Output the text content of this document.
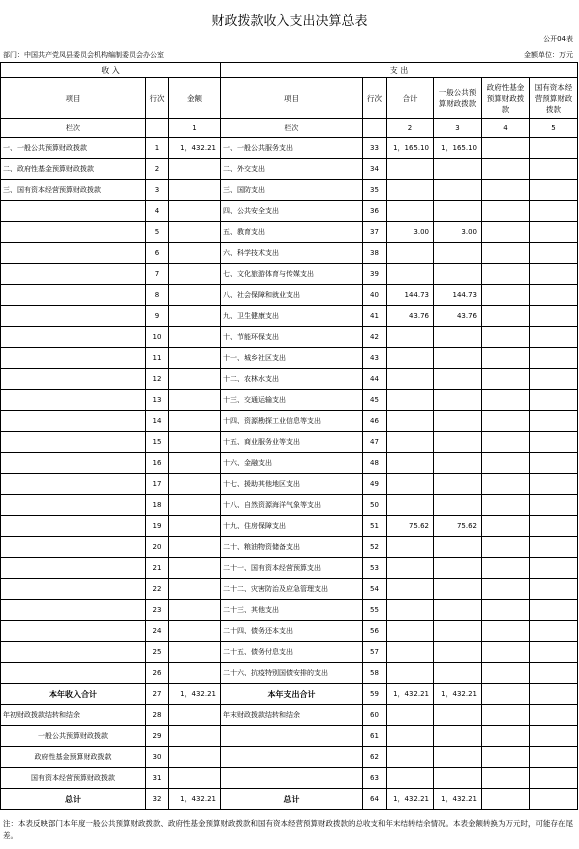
财政拨款收入支出决算总表
公开04表
部门：中国共产党凤县委员会机构编制委员会办公室	金额单位：万元
收 入			支 出					
项目	行次	金额	项目	行次	合计	一般公共预算财政拨款	政府性基金预算财政拨款	国有资本经营预算财政拨款
栏次		1	栏次		2	3	4	5
一、一般公共预算财政拨款	1	1，432.21	一、一般公共服务支出	33	1，165.10	1，165.10		
二、政府性基金预算财政拨款	2		二、外交支出	34				
三、国有资本经营预算财政拨款	3		三、国防支出	35				
	4		四、公共安全支出	36				
	5		五、教育支出	37	3.00	3.00		
	6		六、科学技术支出	38				
	7		七、文化旅游体育与传媒支出	39				
	8		八、社会保障和就业支出	40	144.73	144.73		
	9		九、卫生健康支出	41	43.76	43.76		
	10		十、节能环保支出	42				
	11		十一、城乡社区支出	43				
	12		十二、农林水支出	44				
	13		十三、交通运输支出	45				
	14		十四、资源勘探工业信息等支出	46				
	15		十五、商业服务业等支出	47				
	16		十六、金融支出	48				
	17		十七、援助其他地区支出	49				
	18		十八、自然资源海洋气象等支出	50				
	19		十九、住房保障支出	51	75.62	75.62		
	20		二十、粮油物资储备支出	52				
	21		二十一、国有资本经营预算支出	53				
	22		二十二、灾害防治及应急管理支出	54				
	23		二十三、其他支出	55				
	24		二十四、债务还本支出	56				
	25		二十五、债务付息支出	57				
	26		二十六、抗疫特别国债安排的支出	58				
本年收入合计	27	1，432.21	本年支出合计	59	1，432.21	1，432.21		
年初财政拨款结转和结余	28		年末财政拨款结转和结余	60				
一般公共预算财政拨款	29			61				
政府性基金预算财政拨款	30			62				
国有资本经营预算财政拨款	31			63				
总计	32	1，432.21	总计	64	1，432.21	1，432.21		
注：本表反映部门本年度一般公共预算财政拨款、政府性基金预算财政拨款和国有资本经营预算财政拨款的总收支和年末结转结余情况。本表金额转换为万元时，可能存在尾差。
